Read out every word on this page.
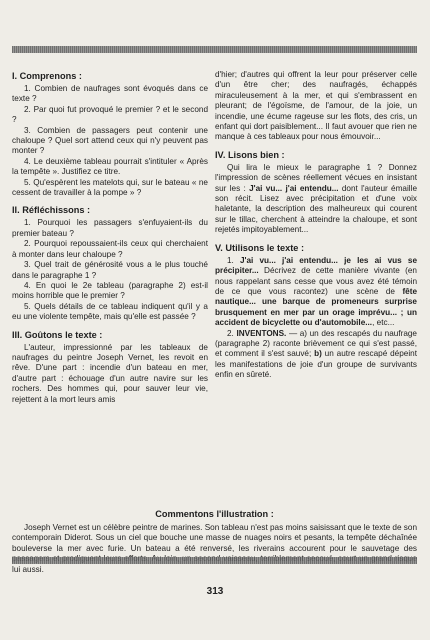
I. Comprenons :

1. Combien de naufrages sont évoqués dans ce texte ?

2. Par quoi fut provoqué le premier ? et le second ?

3. Combien de passagers peut contenir une chaloupe ? Quel sort attend ceux qui n'y peuvent pas monter ?

4. Le deuxième tableau pourrait s'intituler « Après la tempête ». Justifiez ce titre.

5. Qu'espèrent les matelots qui, sur le bateau « ne cessent de travailler à la pompe » ?

II. Réfléchissons :

1. Pourquoi les passagers s'enfuyaient-ils du premier bateau ?

2. Pourquoi repoussaient-ils ceux qui cherchaient à monter dans leur chaloupe ?

3. Quel trait de générosité vous a le plus touché dans le paragraphe 1 ?

4. En quoi le 2e tableau (paragraphe 2) est-il moins horrible que le premier ?

5. Quels détails de ce tableau indiquent qu'il y a eu une violente tempête, mais qu'elle est passée ?

III. Goûtons le texte :

L'auteur, impressionné par les tableaux de naufrages du peintre Joseph Vernet, les revoit en rêve. D'une part : incendie d'un bateau en mer, d'autre part : échouage d'un autre navire sur les rochers. Des hommes qui, pour sauver leur vie, rejettent à la mort leurs amis

d'hier; d'autres qui offrent la leur pour préserver celle d'un être cher; des naufragés, échappés miraculeusement à la mer, et qui s'embrassent en pleurant; de l'égoïsme, de l'amour, de la joie, un incendie, une écume rageuse sur les flots, des cris, un enfant qui dort paisiblement... Il faut avouer que rien ne manque à ces tableaux pour nous émouvoir...

IV. Lisons bien :

Qui lira le mieux le paragraphe 1 ? Donnez l'impression de scènes réellement vécues en insistant sur les : J'ai vu... j'ai entendu... dont l'auteur émaille son récit. Lisez avec précipitation et d'une voix haletante, la description des malheureux qui courent sur le tillac, cherchent à atteindre la chaloupe, et sont rejetés impitoyablement...

V. Utilisons le texte :

1. J'ai vu... j'ai entendu... je les ai vus se précipiter... Décrivez de cette manière vivante (en nous rappelant sans cesse que vous avez été témoin de ce que vous racontez) une scène de fête nautique... une barque de promeneurs surprise brusquement en mer par un orage imprévu... ; un accident de bicyclette ou d'automobile..., etc...

2. INVENTONS. — a) un des rescapés du naufrage (paragraphe 2) raconte brièvement ce qui s'est passé, et comment il s'est sauvé; b) un autre rescapé dépeint les manifestations de joie d'un groupe de survivants enfin en sûreté.

Commentons l'illustration :

Joseph Vernet est un célèbre peintre de marines. Son tableau n'est pas moins saisissant que le texte de son contemporain Diderot. Sous un ciel que bouche une masse de nuages noirs et pesants, la tempête déchaînée bouleverse la mer avec furie. Un bateau a été renversé, les riverains accourent pour le sauvetage des lui aussi.

313
